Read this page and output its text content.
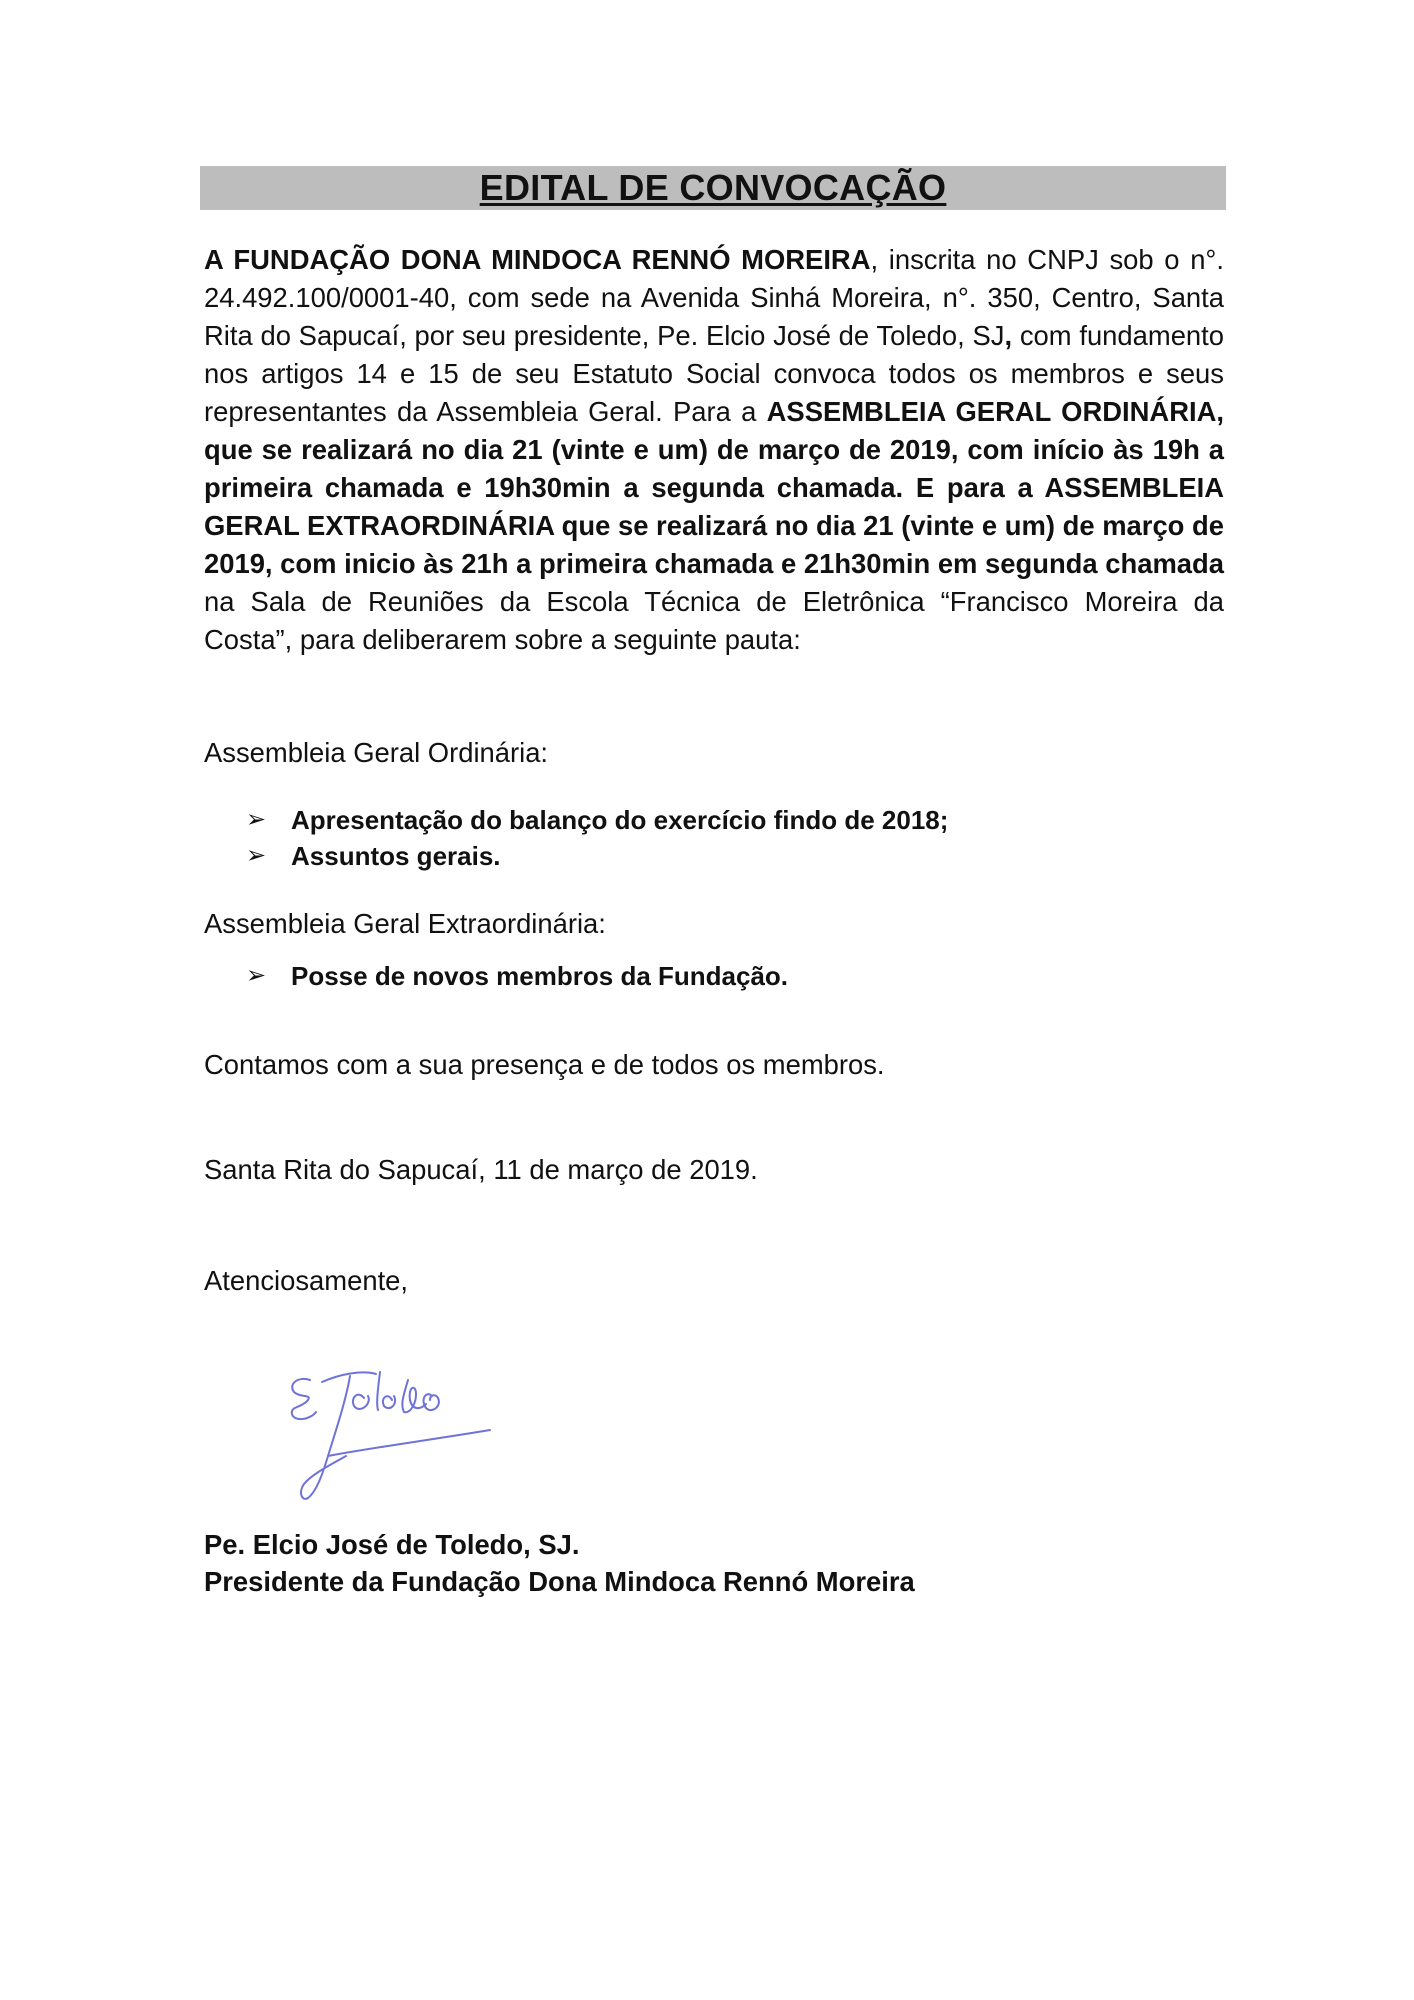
EDITAL DE CONVOCAÇÃO

A FUNDAÇÃO DONA MINDOCA RENNÓ MOREIRA, inscrita no CNPJ sob o n°. 24.492.100/0001-40, com sede na Avenida Sinhá Moreira, n°. 350, Centro, Santa Rita do Sapucaí, por seu presidente, Pe. Elcio José de Toledo, SJ, com fundamento nos artigos 14 e 15 de seu Estatuto Social convoca todos os membros e seus representantes da Assembleia Geral. Para a ASSEMBLEIA GERAL ORDINÁRIA, que se realizará no dia 21 (vinte e um) de março de 2019, com início às 19h a primeira chamada e 19h30min a segunda chamada. E para a ASSEMBLEIA GERAL EXTRAORDINÁRIA que se realizará no dia 21 (vinte e um) de março de 2019, com inicio às 21h a primeira chamada e 21h30min em segunda chamada na Sala de Reuniões da Escola Técnica de Eletrônica “Francisco Moreira da Costa”, para deliberarem sobre a seguinte pauta:

Assembleia Geral Ordinária:
➢ Apresentação do balanço do exercício findo de 2018;
➢ Assuntos gerais.
Assembleia Geral Extraordinária:
➢ Posse de novos membros da Fundação.
Contamos com a sua presença e de todos os membros.
Santa Rita do Sapucaí, 11 de março de 2019.
Atenciosamente,
Pe. Elcio José de Toledo, SJ.
Presidente da Fundação Dona Mindoca Rennó Moreira
